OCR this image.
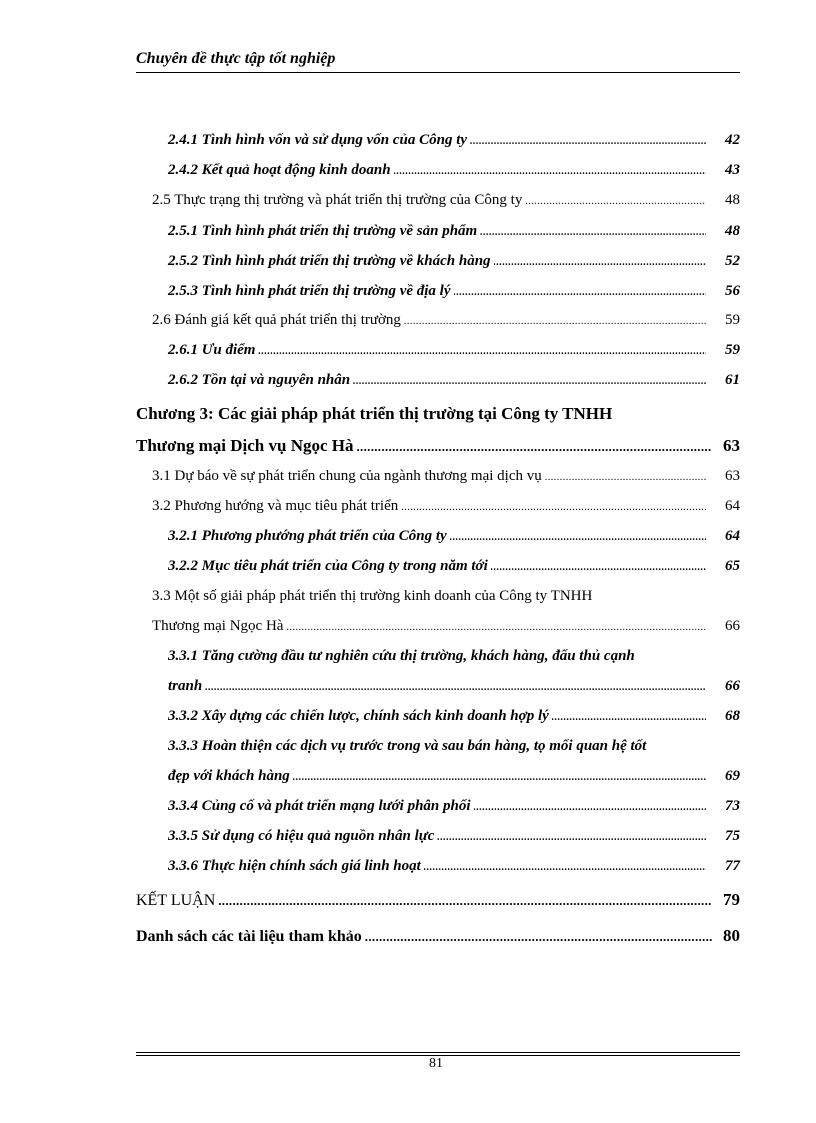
Chuyên đề thực tập tốt nghiệp
2.4.1 Tình hình vốn và sử dụng vốn của Công ty .....	42
2.4.2 Kết quả hoạt động kinh doanh .....	43
2.5 Thực trạng thị trường và phát triển thị trường của Công ty .....	48
2.5.1 Tình hình phát triển thị trường về sản phẩm .....	48
2.5.2 Tình hình phát triển thị trường về khách hàng .....	52
2.5.3 Tình hình phát triển thị trường về địa lý .....	56
2.6 Đánh giá kết quả phát triển thị trường .....	59
2.6.1 Ưu điểm .....	59
2.6.2 Tồn tại và nguyên nhân .....	61
Chương 3: Các giải pháp phát triển thị trường tại Công ty TNHH
Thương mại Dịch vụ Ngọc Hà .....	63
3.1 Dự báo về sự phát triển chung của ngành thương mại dịch vụ .....	63
3.2 Phương hướng và mục tiêu phát triển .....	64
3.2.1 Phương phướng phát triển của Công ty .....	64
3.2.2 Mục tiêu phát triển của Công ty trong năm tới .....	65
3.3 Một số giải pháp phát triển thị trường kinh doanh của Công ty TNHH
Thương mại Ngọc Hà .....	66
3.3.1 Tăng cường đầu tư nghiên cứu thị trường, khách hàng, đấu thủ cạnh
tranh .....	66
3.3.2 Xây dựng các chiến lược, chính sách kinh doanh hợp lý .....	68
3.3.3 Hoàn thiện các dịch vụ trước trong và sau bán hàng, tọ mối quan hệ tốt
đẹp với khách hàng .....	69
3.3.4 Củng cố và phát triển mạng lưới phân phối .....	73
3.3.5 Sử dụng có hiệu quả nguồn nhân lực .....	75
3.3.6 Thực hiện chính sách giá linh hoạt .....	77
KẾT LUẬN .....	79
Danh sách các tài liệu tham khảo .....	80
81
